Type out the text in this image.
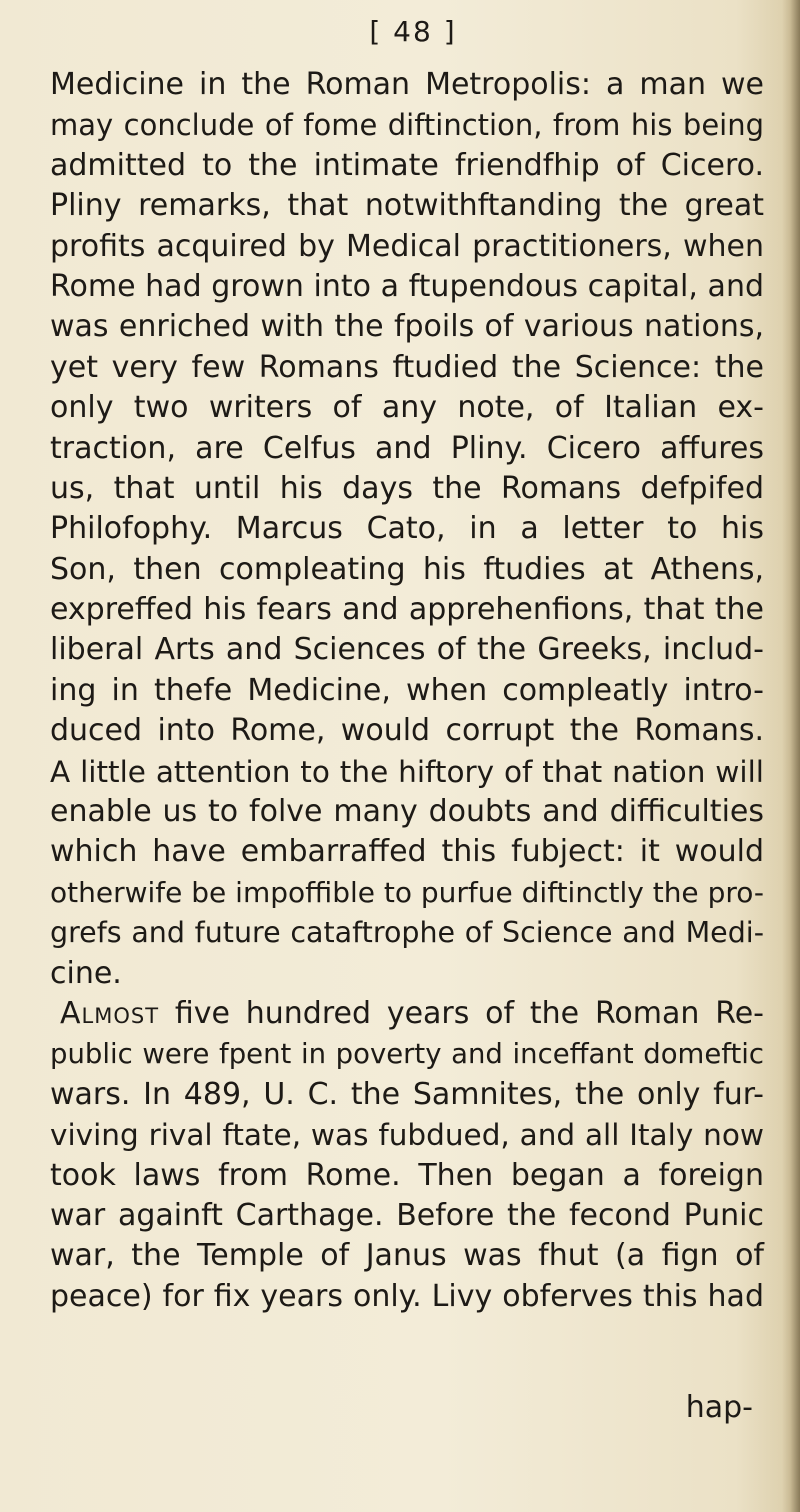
[ 48 ]
Medicine in the Roman Metropolis: a man we
may conclude of fome diftinction, from his being
admitted to the intimate friendfhip of Cicero.
Pliny remarks, that notwithftanding the great
profits acquired by Medical practitioners, when
Rome had grown into a ftupendous capital, and
was enriched with the fpoils of various nations,
yet very few Romans ftudied the Science: the
only two writers of any note, of Italian ex-
traction, are Celfus and Pliny. Cicero affures
us, that until his days the Romans defpifed
Philofophy. Marcus Cato, in a letter to his
Son, then compleating his ftudies at Athens,
expreffed his fears and apprehenfions, that the
liberal Arts and Sciences of the Greeks, includ-
ing in thefe Medicine, when compleatly intro-
duced into Rome, would corrupt the Romans.
A little attention to the hiftory of that nation will
enable us to folve many doubts and difficulties
which have embarraffed this fubject: it would
otherwife be impoffible to purfue diftinctly the pro-
grefs and future cataftrophe of Science and Medi-
cine.
Almost five hundred years of the Roman Re-
public were fpent in poverty and inceffant domeftic
wars. In 489, U. C. the Samnites, the only fur-
viving rival ftate, was fubdued, and all Italy now
took laws from Rome. Then began a foreign
war againft Carthage. Before the fecond Punic
war, the Temple of Janus was fhut (a fign of
peace) for fix years only. Livy obferves this had
hap-
